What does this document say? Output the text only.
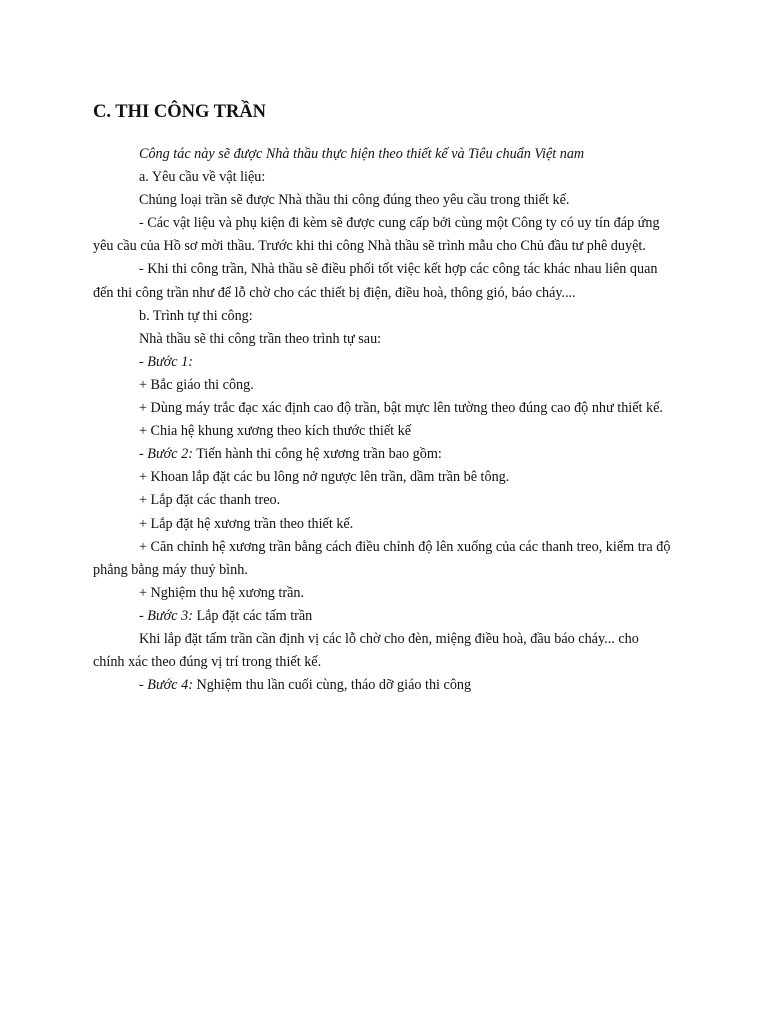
C. THI CÔNG TRẦN

Công tác này sẽ được Nhà thầu thực hiện theo thiết kế và Tiêu chuẩn Việt nam

a. Yêu cầu về vật liệu:

Chủng loại trần sẽ được Nhà thầu thi công đúng theo yêu cầu trong thiết kế.

- Các vật liệu và phụ kiện đi kèm sẽ được cung cấp bởi cùng một Công ty có uy tín đáp ứng

yêu cầu của Hồ sơ mời thầu. Trước khi thi công Nhà thầu sẽ trình mẫu cho Chủ đầu tư phê duyệt.

- Khi thi công trần, Nhà thầu sẽ điều phối tốt việc kết hợp các công tác khác nhau liên quan

đến thi công trần như để lỗ chờ cho các thiết bị điện, điều hoà, thông gió, báo cháy....

b. Trình tự thi công:

Nhà thầu sẽ thi công trần theo trình tự sau:

- Bước 1:

+ Bắc giáo thi công.

+ Dùng máy trắc đạc xác định cao độ trần, bật mực lên tường theo đúng cao độ như thiết kế.

+ Chia hệ khung xương theo kích thước thiết kế

- Bước 2: Tiến hành thi công hệ xương trần bao gồm:

+ Khoan lắp đặt các bu lông nở ngược lên trần, dầm trần bê tông.

+ Lắp đặt các thanh treo.

+ Lắp đặt hệ xương trần theo thiết kế.

+ Căn chỉnh hệ xương trần bằng cách điều chỉnh độ lên xuống của các thanh treo, kiểm tra độ

phẳng bằng máy thuỷ bình.

+ Nghiệm thu hệ xương trần.

- Bước 3: Lắp đặt các tấm trần

Khi lắp đặt tấm trần cần định vị các lỗ chờ cho đèn, miệng điều hoà, đầu báo cháy... cho

chính xác theo đúng vị trí trong thiết kế.

- Bước 4: Nghiệm thu lần cuối cùng, tháo dỡ giáo thi công
